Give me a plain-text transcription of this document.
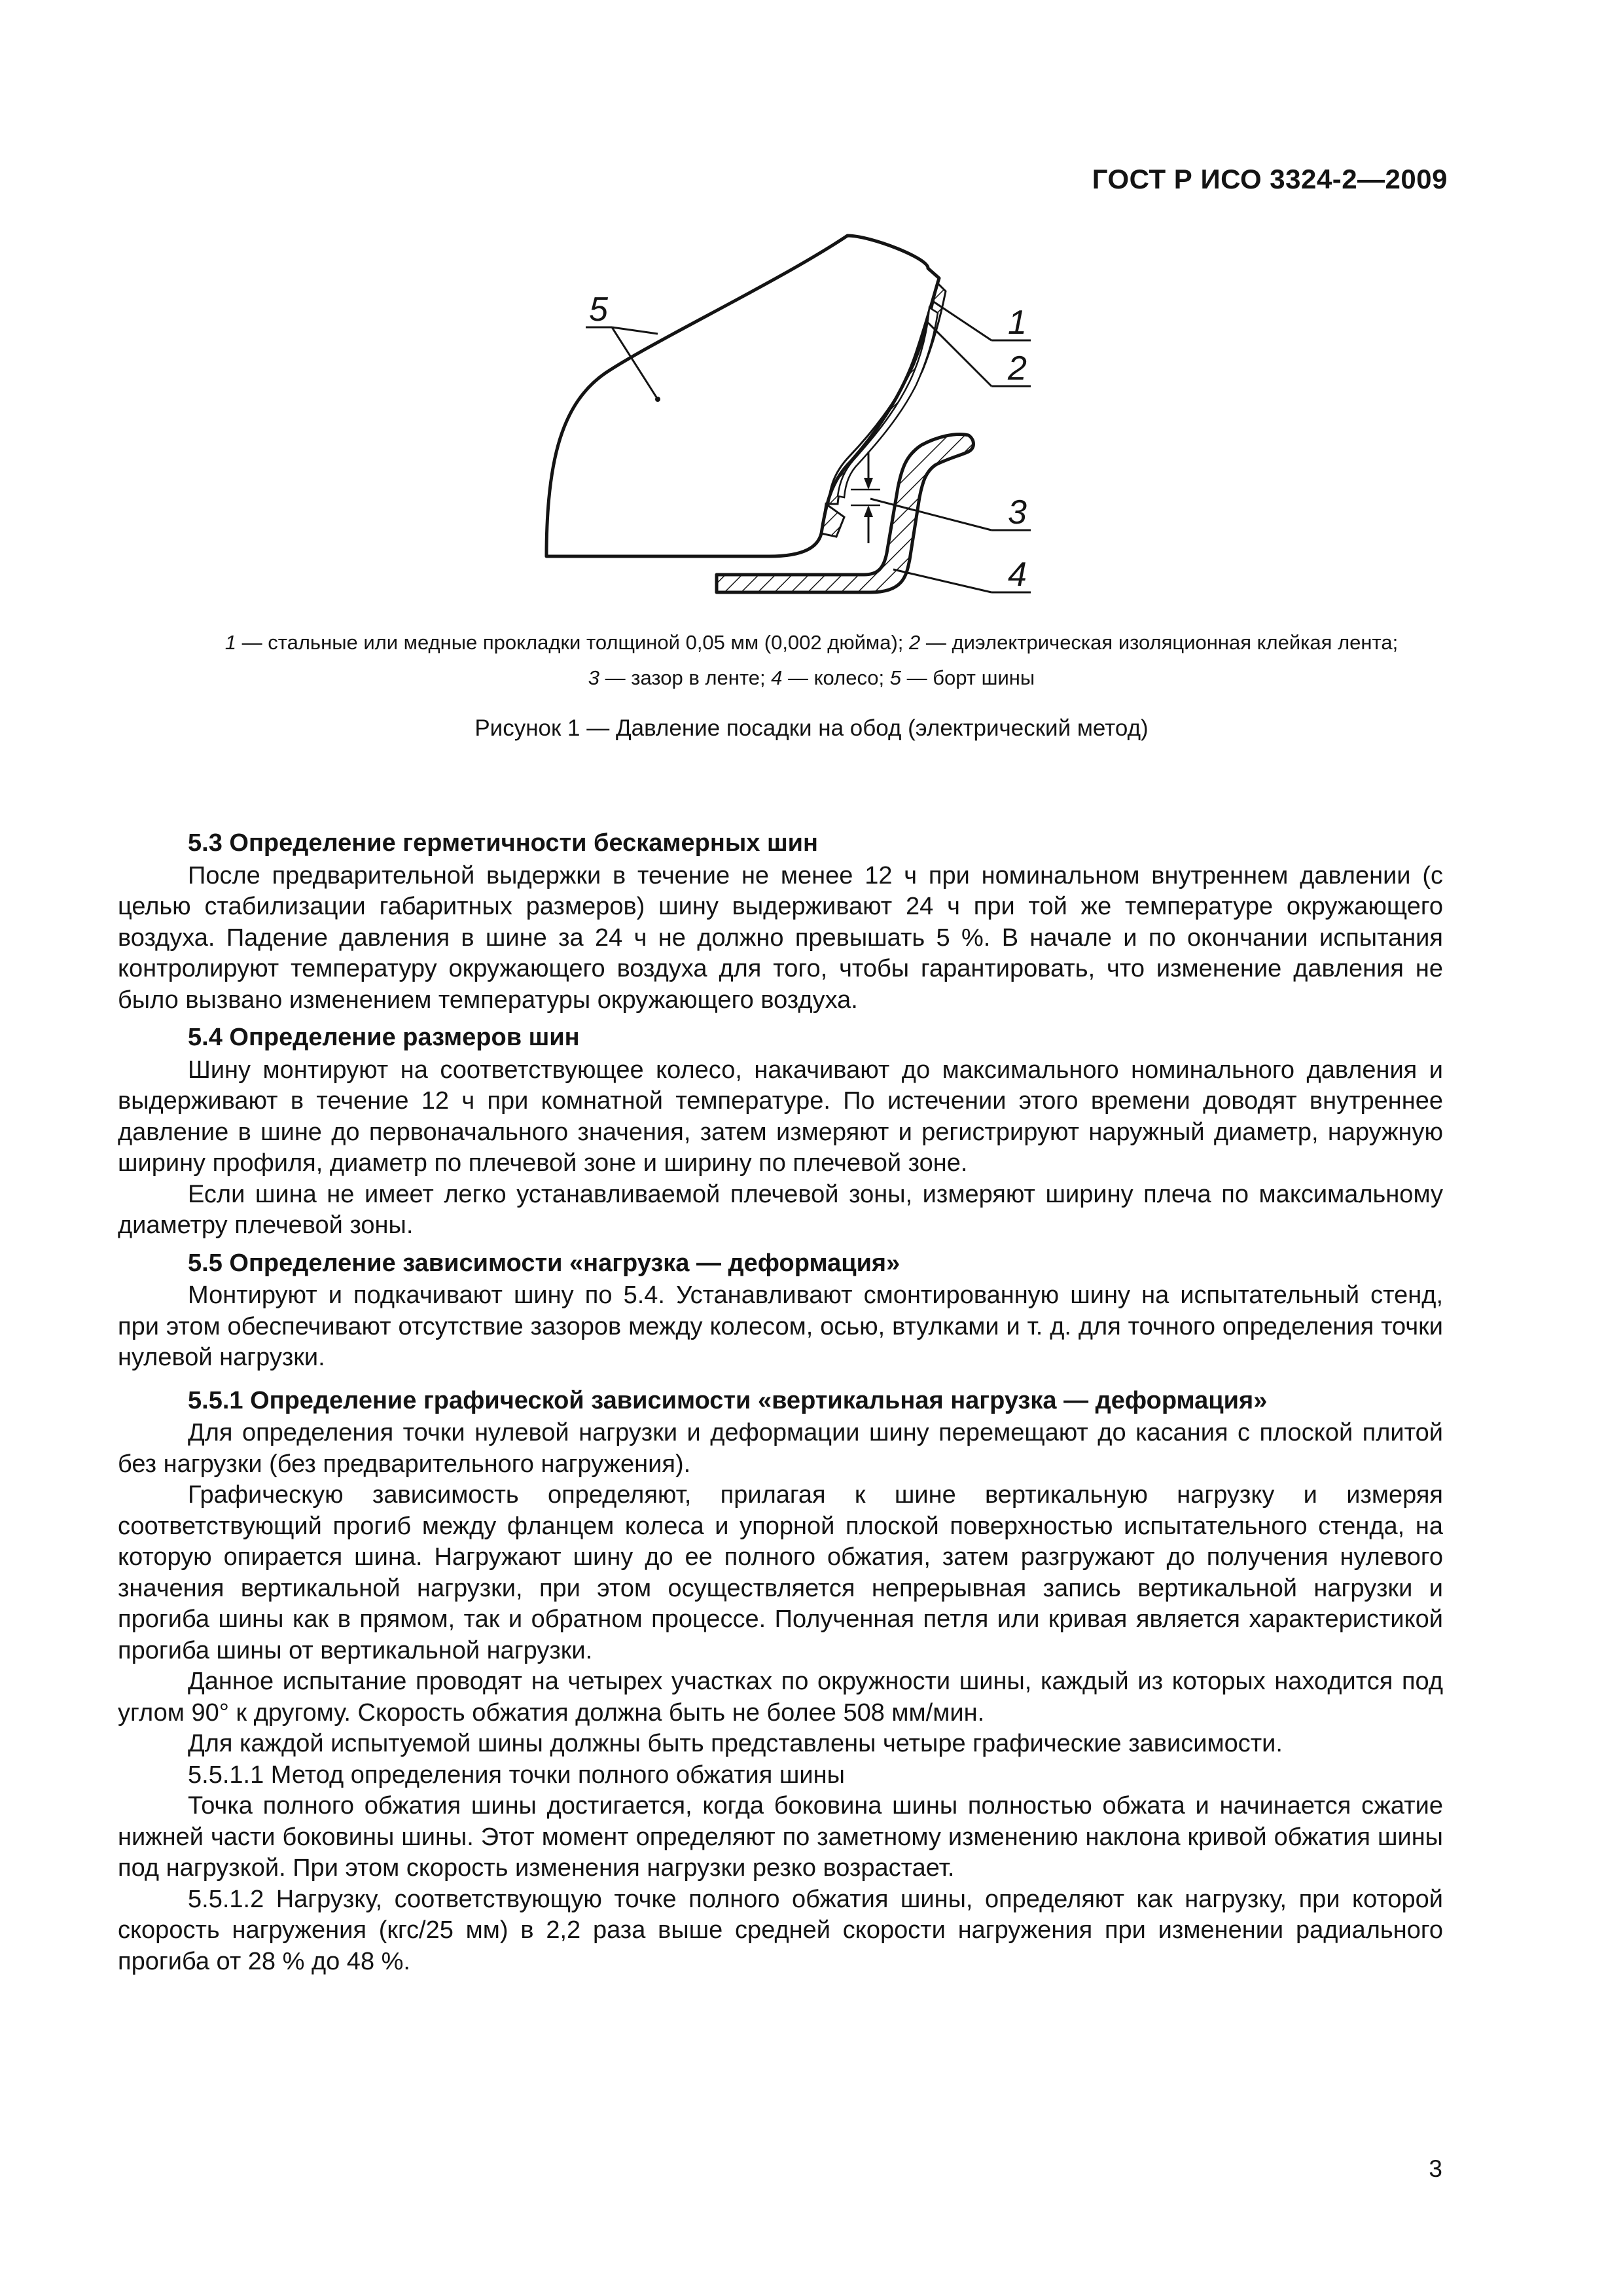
ГОСТ Р ИСО 3324-2—2009
1
2
3
4
5
1 — стальные или медные прокладки толщиной 0,05 мм (0,002 дюйма); 2 — диэлектрическая изоляционная клейкая лента;
3 — зазор в ленте; 4 — колесо; 5 — борт шины
Рисунок 1 — Давление посадки на обод (электрический метод)
5.3 Определение герметичности бескамерных шин

После предварительной выдержки в течение не менее 12 ч при номинальном внутреннем давлении (с целью стабилизации габаритных размеров) шину выдерживают 24 ч при той же температуре окружающего воздуха. Падение давления в шине за 24 ч не должно превышать 5 %. В начале и по окончании испытания контролируют температуру окружающего воздуха для того, чтобы гарантировать, что изменение давления не было вызвано изменением температуры окружающего воздуха.

5.4 Определение размеров шин

Шину монтируют на соответствующее колесо, накачивают до максимального номинального давления и выдерживают в течение 12 ч при комнатной температуре. По истечении этого времени доводят внутреннее давление в шине до первоначального значения, затем измеряют и регистрируют наружный диаметр, наружную ширину профиля, диаметр по плечевой зоне и ширину по плечевой зоне.

Если шина не имеет легко устанавливаемой плечевой зоны, измеряют ширину плеча по максимальному диаметру плечевой зоны.

5.5 Определение зависимости «нагрузка — деформация»

Монтируют и подкачивают шину по 5.4. Устанавливают смонтированную шину на испытательный стенд, при этом обеспечивают отсутствие зазоров между колесом, осью, втулками и т. д. для точного определения точки нулевой нагрузки.

5.5.1 Определение графической зависимости «вертикальная нагрузка — деформация»

Для определения точки нулевой нагрузки и деформации шину перемещают до касания с плоской плитой без нагрузки (без предварительного нагружения).

Графическую зависимость определяют, прилагая к шине вертикальную нагрузку и измеряя соответствующий прогиб между фланцем колеса и упорной плоской поверхностью испытательного стенда, на которую опирается шина. Нагружают шину до ее полного обжатия, затем разгружают до получения нулевого значения вертикальной нагрузки, при этом осуществляется непрерывная запись вертикальной нагрузки и прогиба шины как в прямом, так и обратном процессе. Полученная петля или кривая является характеристикой прогиба шины от вертикальной нагрузки.

Данное испытание проводят на четырех участках по окружности шины, каждый из которых находится под углом 90° к другому. Скорость обжатия должна быть не более 508 мм/мин.

Для каждой испытуемой шины должны быть представлены четыре графические зависимости.

5.5.1.1 Метод определения точки полного обжатия шины

Точка полного обжатия шины достигается, когда боковина шины полностью обжата и начинается сжатие нижней части боковины шины. Этот момент определяют по заметному изменению наклона кривой обжатия шины под нагрузкой. При этом скорость изменения нагрузки резко возрастает.

5.5.1.2 Нагрузку, соответствующую точке полного обжатия шины, определяют как нагрузку, при которой скорость нагружения (кгс/25 мм) в 2,2 раза выше средней скорости нагружения при изменении радиального прогиба от 28 % до 48 %.

3
